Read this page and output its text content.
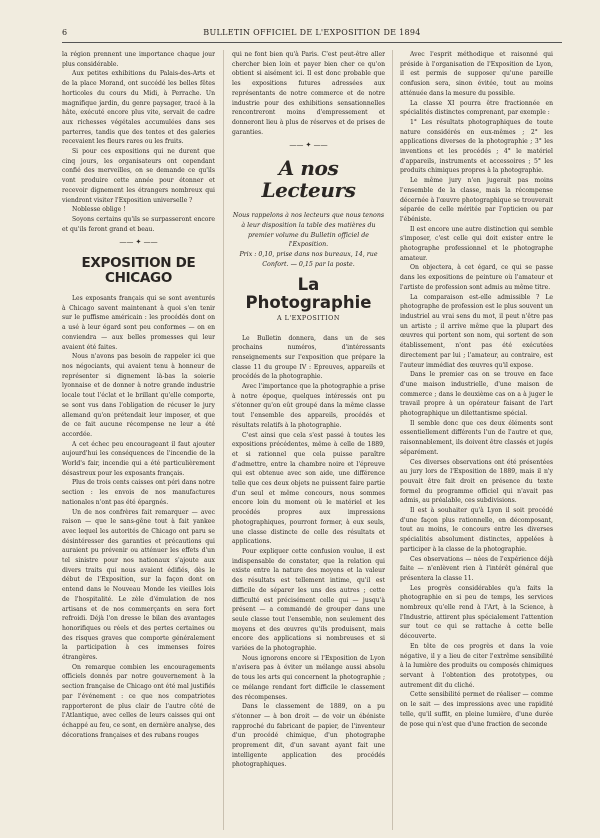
6	BULLETIN OFFICIEL DE L'EXPOSITION DE 1894

la région prennent une importance chaque jour plus considérable.

Aux petites exhibitions du Palais-des-Arts et de la place Morand, ont succédé les belles fêtes horticoles du cours du Midi, à Perrache. Un magnifique jardin, du genre paysager, tracé à la hâte, exécuté encore plus vite, servait de cadre aux richesses végétales accumulées dans ses parterres, tandis que des tentes et des galeries recevaient les fleurs rares ou les fruits.

Si pour ces expositions qui ne durent que cinq jours, les organisateurs ont cependant confié des merveilles, on se demande ce qu'ils vont produire cette année pour étonner et recevoir dignement les étrangers nombreux qui viendront visiter l'Exposition universelle ?

Noblesse oblige !

Soyons certains qu'ils se surpasseront encore et qu'ils feront grand et beau.

—— ✦ ——
EXPOSITION DE CHICAGO

Les exposants français qui se sont aventurés à Chicago savent maintenant à quoi s'en tenir sur le puffisme américain : les procédés dont on a usé à leur égard sont peu conformes — on en conviendra — aux belles promesses qui leur avaient été faites.

Nous n'avons pas besoin de rappeler ici que nos négociants, qui avaient tenu à honneur de représenter si dignement là-bas la soierie lyonnaise et de donner à notre grande industrie locale tout l'éclat et le brillant qu'elle comporte, se sont vus dans l'obligation de récuser le jury allemand qu'on prétendait leur imposer, et que de ce fait aucune récompense ne leur a été accordée.

A cet échec peu encourageant il faut ajouter aujourd'hui les conséquences de l'incendie de la World's fair, incendie qui a été particulièrement désastreux pour les exposants français.

Plus de trois cents caisses ont péri dans notre section : les envois de nos manufactures nationales n'ont pas été épargnés.

Un de nos confrères fait remarquer — avec raison — que le sans-gêne tout à fait yankee avec lequel les autorités de Chicago ont paru se désintéresser des garanties et précautions qui auraient pu prévenir ou atténuer les effets d'un tel sinistre pour nos nationaux s'ajoute aux divers traits qui nous avaient édifiés, dès le début de l'Exposition, sur la façon dont on entend dans le Nouveau Monde les vieilles lois de l'hospitalité. Le zèle d'émulation de nos artisans et de nos commerçants en sera fort refroidi. Déjà l'on dresse le bilan des avantages honorifiques ou réels et des pertes certaines ou des risques graves que comporte généralement la participation à ces immenses foires étrangères.

On remarque combien les encouragements officiels donnés par notre gouvernement à la section française de Chicago ont été mal justifiés par l'événement : ce que nos compatriotes rapporteront de plus clair de l'autre côté de l'Atlantique, avec celles de leurs caisses qui ont échappé au feu, ce sont, en dernière analyse, des décorations françaises et des rubans rouges

qui ne font bien qu'à Paris. C'est peut-être aller chercher bien loin et payer bien cher ce qu'on obtient si aisément ici. Il est donc probable que les expositions futures adressées aux représentants de notre commerce et de notre industrie pour des exhibitions sensationnelles rencontreront moins d'empressement et donneront lieu à plus de réserves et de prises de garanties.

—— ✦ ——
A nos Lecteurs

Nous rappelons à nos lecteurs que nous tenons à leur disposition la table des matières du premier volume du Bulletin officiel de l'Exposition.

Prix : 0,10, prise dans nos bureaux, 14, rue Confort. — 0,15 par la poste.

La Photographie
A L'EXPOSITION

Le Bulletin donnera, dans un de ses prochains numéros, d'intéressants renseignements sur l'exposition que prépare la classe 11 du groupe IV : Epreuves, appareils et procédés de la photographie.

Avec l'importance que la photographie a prise à notre époque, quelques intéressés ont pu s'étonner qu'on eût groupé dans la même classe tout l'ensemble des appareils, procédés et résultats relatifs à la photographie.

C'est ainsi que cela s'est passé à toutes les expositions précédentes, même à celle de 1889, et si rationnel que cela puisse paraître d'admettre, entre la chambre noire et l'épreuve qui est obtenue avec son aide, une différence telle que ces deux objets ne puissent faire partie d'un seul et même concours, nous sommes encore loin du moment où le matériel et les procédés propres aux impressions photographiques, pourront former, à eux seuls, une classe distincte de celle des résultats et applications.

Pour expliquer cette confusion voulue, il est indispensable de constater, que la relation qui existe entre la nature des moyens et la valeur des résultats est tellement intime, qu'il est difficile de séparer les uns des autres ; cette difficulté est précisément celle qui — jusqu'à présent — a commandé de grouper dans une seule classe tout l'ensemble, non seulement des moyens et des œuvres qu'ils produisent, mais encore des applications si nombreuses et si variées de la photographie.

Nous ignorons encore si l'Exposition de Lyon n'aviserа pas à éviter un mélange aussi absolu de tous les arts qui concernent la photographie ; ce mélange rendant fort difficile le classement des récompenses.

Dans le classement de 1889, on a pu s'étonner — à bon droit — de voir un ébéniste rapproché du fabricant de papier, de l'inventeur d'un procédé chimique, d'un photographe proprement dit, d'un savant ayant fait une intelligente application des procédés photographiques.

Avec l'esprit méthodique et raisonné qui préside à l'organisation de l'Exposition de Lyon, il est permis de supposer qu'une pareille confusion sera, sinon évitée, tout au moins atténuée dans la mesure du possible.

La classe XI pourra être fractionnée en spécialités distinctes comprenant, par exemple :

1° Les résultats photographiques de toute nature considérés en eux-mêmes ; 2° les applications diverses de la photographie ; 3° les inventions et les procédés ; 4° le matériel d'appareils, instruments et accessoires ; 5° les produits chimiques propres à la photographie.

Le même jury n'en jugerait pas moins l'ensemble de la classe, mais la récompense décernée à l'œuvre photographique se trouverait séparée de celle méritée par l'opticien ou par l'ébéniste.

Il est encore une autre distinction qui semble s'imposer, c'est celle qui doit exister entre le photographe professionnel et le photographe amateur.

On objectera, à cet égard, ce qui se passe dans les expositions de peinture où l'amateur et l'artiste de profession sont admis au même titre.

La comparaison est-elle admissible ? Le photographe de profession est le plus souvent un industriel au vrai sens du mot, il peut n'être pas un artiste ; il arrive même que la plupart des œuvres qui portent son nom, qui sortent de son établissement, n'ont pas été exécutées directement par lui ; l'amateur, au contraire, est l'auteur immédiat des œuvres qu'il expose.

Dans le premier cas on se trouve en face d'une maison industrielle, d'une maison de commerce ; dans le deuxième cas on a à juger le travail propre à un opérateur faisant de l'art photographique un dilettantisme spécial.

Il semble donc que ces deux éléments sont essentiellement différents l'un de l'autre et que, raisonnablement, ils doivent être classés et jugés séparément.

Ces diverses observations ont été présentées au jury lors de l'Exposition de 1889, mais il n'y pouvait être fait droit en présence du texte formel du programme officiel qui n'avait pas admis, au préalable, ces subdivisions.

Il est à souhaiter qu'à Lyon il soit procédé d'une façon plus rationnelle, en décomposant, tout au moins, le concours entre les diverses spécialités absolument distinctes, appelées à participer à la classe de la photographie.

Ces observations — nées de l'expérience déjà faite — n'enlèvent rien à l'intérêt général que présentera la classe 11.

Les progrès considérables qu'a faits la photographie en si peu de temps, les services nombreux qu'elle rend à l'Art, à la Science, à l'Industrie, attirent plus spécialement l'attention sur tout ce qui se rattache à cette belle découverte.

En tête de ces progrès et dans la voie négative, il y a lieu de citer l'extrême sensibilité à la lumière des produits ou composés chimiques servant à l'obtention des prototypes, ou autrement dit du cliché.

Cette sensibilité permet de réaliser — comme on le sait — des impressions avec une rapidité telle, qu'il suffit, en pleine lumière, d'une durée de pose qui n'est que d'une fraction de seconde
